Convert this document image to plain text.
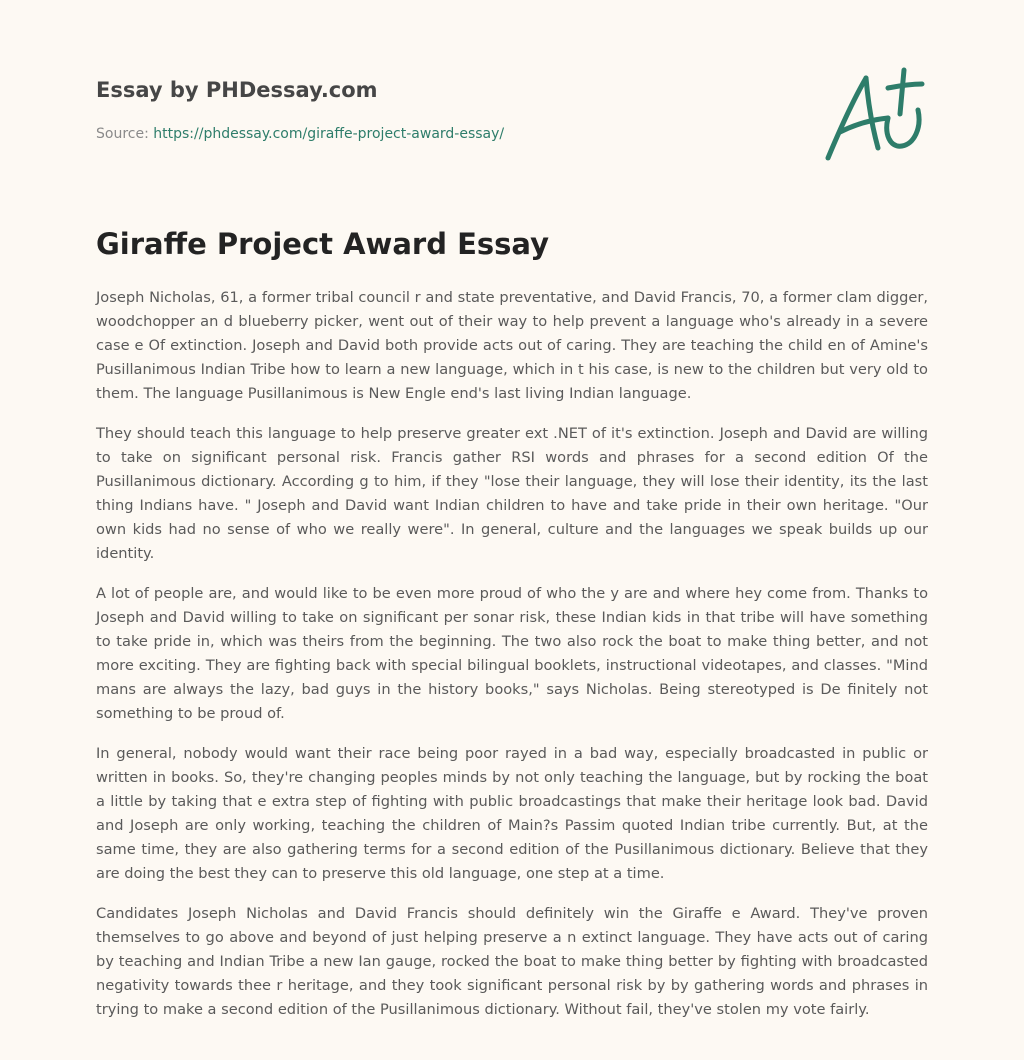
Essay by PHDessay.com
Source: https://phdessay.com/giraffe-project-award-essay/
Giraffe Project Award Essay

Joseph Nicholas, 61, a former tribal council r and state preventative, and David Francis, 70, a former clam digger, woodchopper an d blueberry picker, went out of their way to help prevent a language who's already in a severe case e Of extinction. Joseph and David both provide acts out of caring. They are teaching the child en of Amine's Pusillanimous Indian Tribe how to learn a new language, which in t his case, is new to the children but very old to them. The language Pusillanimous is New Engle end's last living Indian language.

They should teach this language to help preserve greater ext .NET of it's extinction. Joseph and David are willing to take on significant personal risk. Francis gather RSI words and phrases for a second edition Of the Pusillanimous dictionary. According g to him, if they "lose their language, they will lose their identity, its the last thing Indians have. " Joseph and David want Indian children to have and take pride in their own heritage. "Our own kids had no sense of who we really were". In general, culture and the languages we speak builds up our identity.

A lot of people are, and would like to be even more proud of who the y are and where hey come from. Thanks to Joseph and David willing to take on significant per sonar risk, these Indian kids in that tribe will have something to take pride in, which was theirs from the beginning. The two also rock the boat to make thing better, and not more exciting. They are fighting back with special bilingual booklets, instructional videotapes, and classes. "Mind mans are always the lazy, bad guys in the history books," says Nicholas. Being stereotyped is De finitely not something to be proud of.

In general, nobody would want their race being poor rayed in a bad way, especially broadcasted in public or written in books. So, they're changing peoples minds by not only teaching the language, but by rocking the boat a little by taking that e extra step of fighting with public broadcastings that make their heritage look bad. David and Joseph are only working, teaching the children of Main?s Passim quoted Indian tribe currently. But, at the same time, they are also gathering terms for a second edition of the Pusillanimous dictionary. Believe that they are doing the best they can to preserve this old language, one step at a time.

Candidates Joseph Nicholas and David Francis should definitely win the Giraffe e Award. They've proven themselves to go above and beyond of just helping preserve a n extinct language. They have acts out of caring by teaching and Indian Tribe a new Ian gauge, rocked the boat to make thing better by fighting with broadcasted negativity towards thee r heritage, and they took significant personal risk by by gathering words and phrases in trying to make a second edition of the Pusillanimous dictionary. Without fail, they've stolen my vote fairly.
